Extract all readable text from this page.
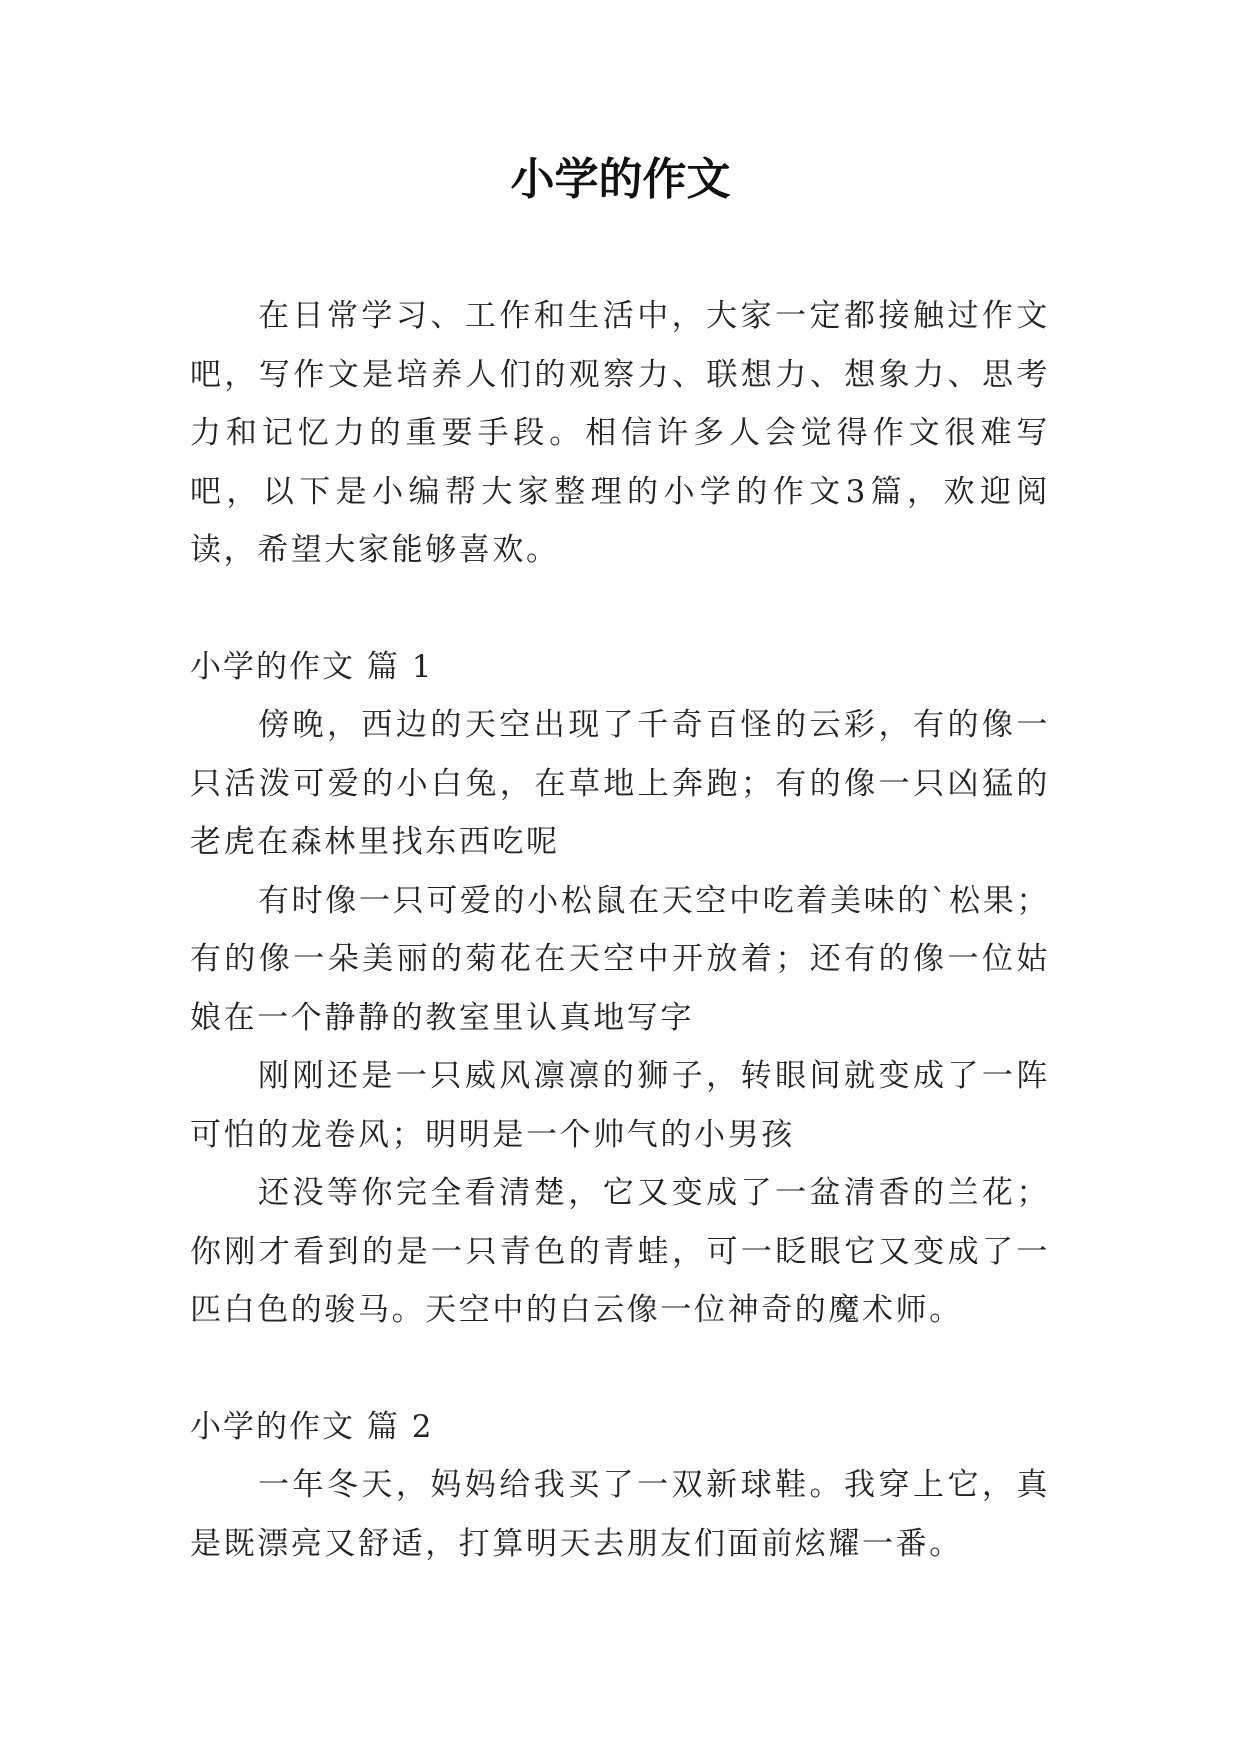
小学的作文

在日常学习、工作和生活中，大家一定都接触过作文吧，写作文是培养人们的观察力、联想力、想象力、思考力和记忆力的重要手段。相信许多人会觉得作文很难写吧，以下是小编帮大家整理的小学的作文3篇，欢迎阅读，希望大家能够喜欢。

小学的作文 篇 1

傍晚，西边的天空出现了千奇百怪的云彩，有的像一只活泼可爱的小白兔，在草地上奔跑；有的像一只凶猛的老虎在森林里找东西吃呢

有时像一只可爱的小松鼠在天空中吃着美味的`松果；有的像一朵美丽的菊花在天空中开放着；还有的像一位姑娘在一个静静的教室里认真地写字

刚刚还是一只威风凛凛的狮子，转眼间就变成了一阵可怕的龙卷风；明明是一个帅气的小男孩

还没等你完全看清楚，它又变成了一盆清香的兰花；你刚才看到的是一只青色的青蛙，可一眨眼它又变成了一匹白色的骏马。天空中的白云像一位神奇的魔术师。

小学的作文 篇 2

一年冬天，妈妈给我买了一双新球鞋。我穿上它，真是既漂亮又舒适，打算明天去朋友们面前炫耀一番。
